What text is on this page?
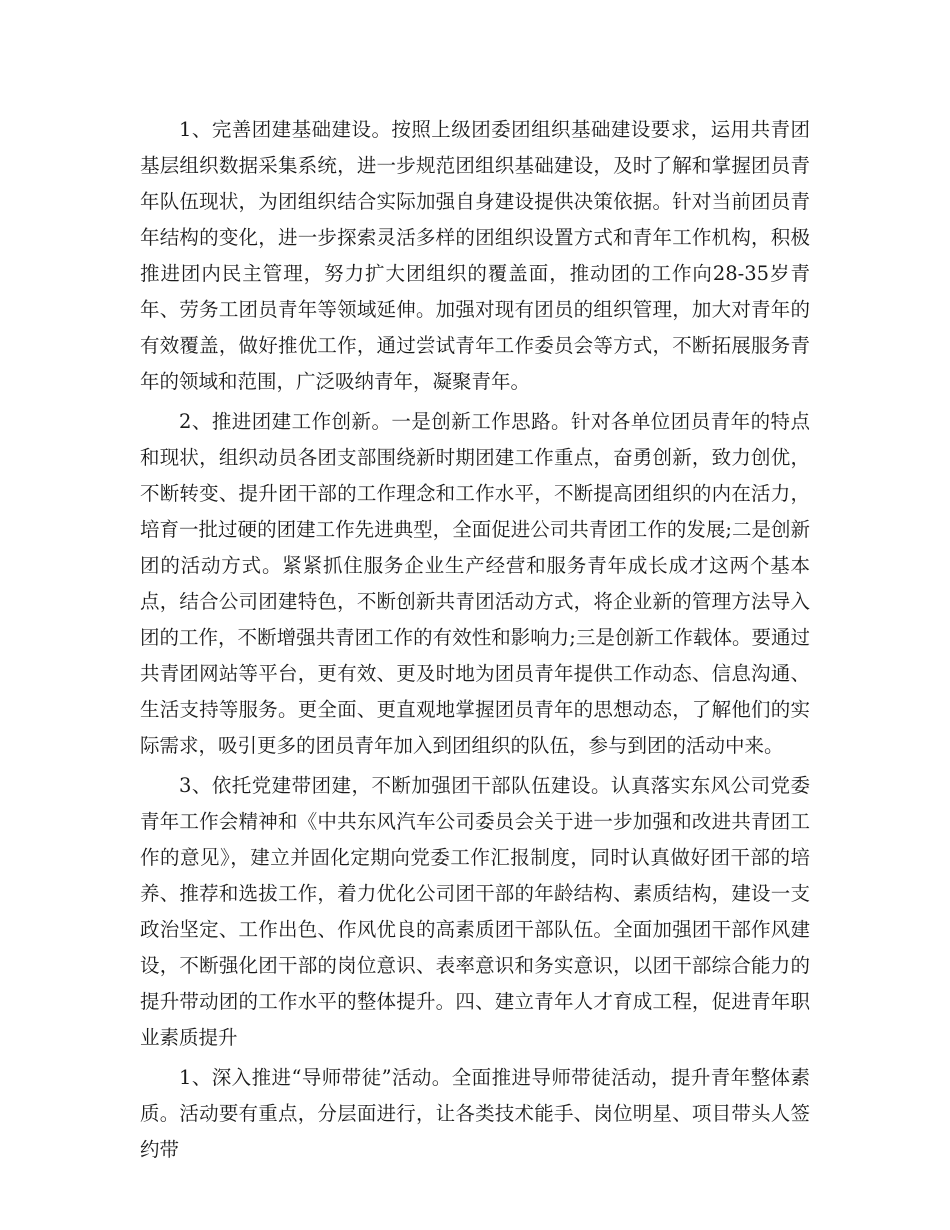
1、完善团建基础建设。按照上级团委团组织基础建设要求，运用共青团基层组织数据采集系统，进一步规范团组织基础建设，及时了解和掌握团员青年队伍现状，为团组织结合实际加强自身建设提供决策依据。针对当前团员青年结构的变化，进一步探索灵活多样的团组织设置方式和青年工作机构，积极推进团内民主管理，努力扩大团组织的覆盖面，推动团的工作向28-35岁青年、劳务工团员青年等领域延伸。加强对现有团员的组织管理，加大对青年的有效覆盖，做好推优工作，通过尝试青年工作委员会等方式，不断拓展服务青年的领域和范围，广泛吸纳青年，凝聚青年。

2、推进团建工作创新。一是创新工作思路。针对各单位团员青年的特点和现状，组织动员各团支部围绕新时期团建工作重点，奋勇创新，致力创优，不断转变、提升团干部的工作理念和工作水平，不断提高团组织的内在活力，培育一批过硬的团建工作先进典型，全面促进公司共青团工作的发展;二是创新团的活动方式。紧紧抓住服务企业生产经营和服务青年成长成才这两个基本点，结合公司团建特色，不断创新共青团活动方式，将企业新的管理方法导入团的工作，不断增强共青团工作的有效性和影响力;三是创新工作载体。要通过共青团网站等平台，更有效、更及时地为团员青年提供工作动态、信息沟通、生活支持等服务。更全面、更直观地掌握团员青年的思想动态，了解他们的实际需求，吸引更多的团员青年加入到团组织的队伍，参与到团的活动中来。

3、依托党建带团建，不断加强团干部队伍建设。认真落实东风公司党委青年工作会精神和《中共东风汽车公司委员会关于进一步加强和改进共青团工作的意见》，建立并固化定期向党委工作汇报制度，同时认真做好团干部的培养、推荐和选拔工作，着力优化公司团干部的年龄结构、素质结构，建设一支政治坚定、工作出色、作风优良的高素质团干部队伍。全面加强团干部作风建设，不断强化团干部的岗位意识、表率意识和务实意识，以团干部综合能力的提升带动团的工作水平的整体提升。四、建立青年人才育成工程，促进青年职业素质提升

1、深入推进“导师带徒”活动。全面推进导师带徒活动，提升青年整体素质。活动要有重点，分层面进行，让各类技术能手、岗位明星、项目带头人签约带
